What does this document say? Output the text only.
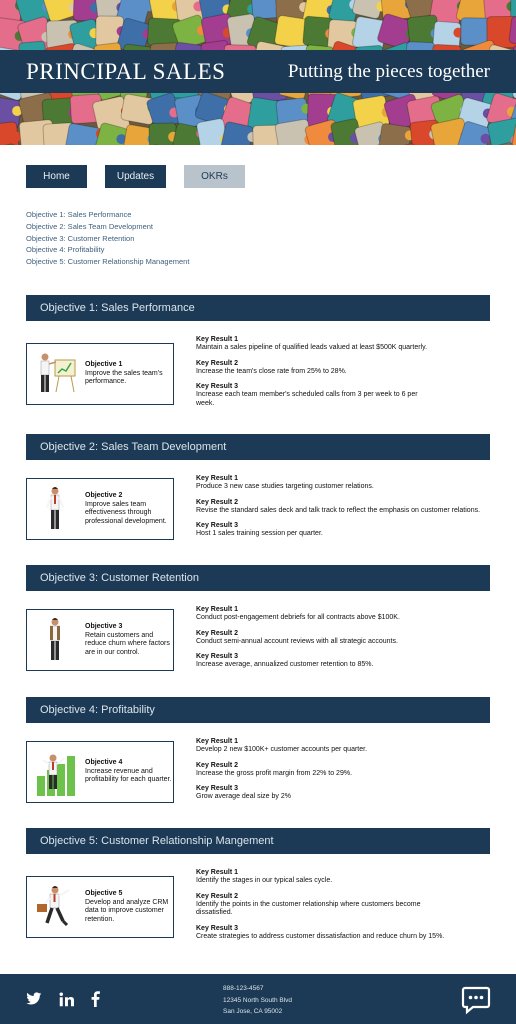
PRINCIPAL SALES	Putting the pieces together
Home	Updates	OKRs
Objective 1: Sales Performance
Objective 2: Sales Team Development
Objective 3: Customer Retention
Objective 4: Profitability
Objective 5: Customer Relationship Management
Objective 1: Sales Performance
Objective 1
Improve the sales team's performance.
Key Result 1
Maintain a sales pipeline of qualified leads valued at least $500K quarterly.
Key Result 2
Increase the team's close rate from 25% to 28%.
Key Result 3
Increase each team member's scheduled calls from 3 per week to 6 per week.
Objective 2: Sales Team Development
Objective 2
Improve sales team effectiveness through professional development.
Key Result 1
Produce 3 new case studies targeting customer relations.
Key Result 2
Revise the standard sales deck and talk track to reflect the emphasis on customer relations.
Key Result 3
Host 1 sales training session per quarter.
Objective 3: Customer Retention
Objective 3
Retain customers and reduce churn where factors are in our control.
Key Result 1
Conduct post-engagement debriefs for all contracts above $100K.
Key Result 2
Conduct semi-annual account reviews with all strategic accounts.
Key Result 3
Increase average, annualized customer retention to 85%.
Objective 4: Profitability
Objective 4
Increase revenue and profitability for each quarter.
Key Result 1
Develop 2 new $100K+ customer accounts per quarter.
Key Result 2
Increase the gross profit margin from 22% to 29%.
Key Result 3
Grow average deal size by 2%
Objective 5: Customer Relationship Mangement
Objective 5
Develop and analyze CRM data to improve customer retention.
Key Result 1
Identify the stages in our typical sales cycle.
Key Result 2
Identify the points in the customer relationship where customers become dissatisfied.
Key Result 3
Create strategies to address customer dissatisfaction and reduce churn by 15%.
888-123-4567
12345 North South Blvd
San Jose, CA 95002
